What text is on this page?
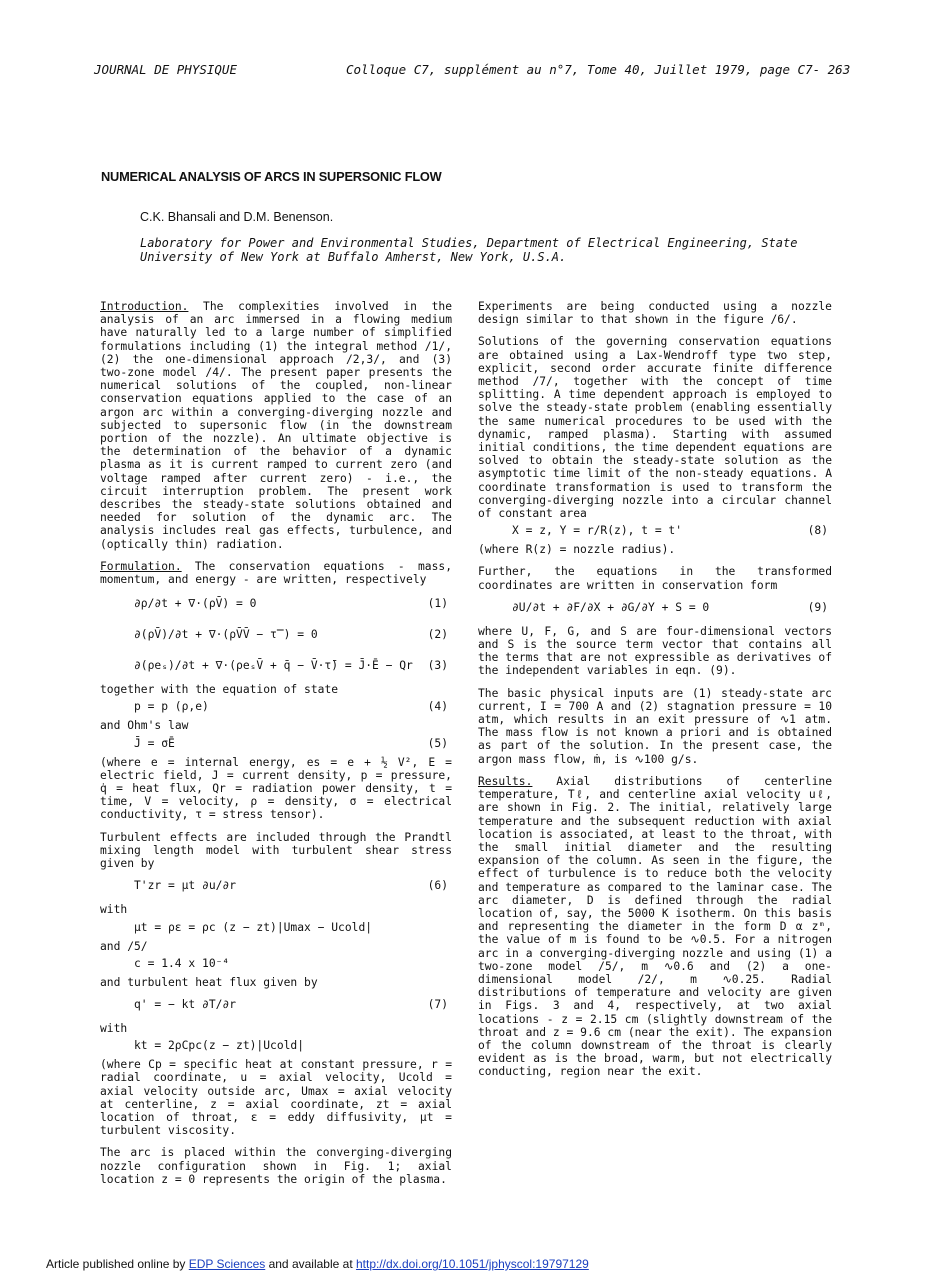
JOURNAL DE PHYSIQUE	Colloque C7, supplément au n°7, Tome 40, Juillet 1979, page C7- 263
NUMERICAL ANALYSIS OF ARCS IN SUPERSONIC FLOW
C.K. Bhansali and D.M. Benenson.
Laboratory for Power and Environmental Studies, Department of Electrical Engineering, State University of New York at Buffalo Amherst, New York, U.S.A.

Introduction. The complexities involved in the analysis of an arc immersed in a flowing medium have naturally led to a large number of simplified formulations including (1) the integral method /1/, (2) the one-dimensional approach /2,3/, and (3) two-zone model /4/. The present paper presents the numerical solutions of the coupled, non-linear conservation equations applied to the case of an argon arc within a converging-diverging nozzle and subjected to supersonic flow (in the downstream portion of the nozzle). An ultimate objective is the determination of the behavior of a dynamic plasma as it is current ramped to current zero (and voltage ramped after current zero) - i.e., the circuit interruption problem. The present work describes the steady-state solutions obtained and needed for solution of the dynamic arc. The analysis includes real gas effects, turbulence, and (optically thin) radiation.

Formulation. The conservation equations - mass, momentum, and energy - are written, respectively

∂ρ/∂t + ∇·(ρV̄) = 0	(1)
∂(ρV̄)/∂t + ∇·(ρV̄V̄ − τ̿) = 0	(2)
∂(ρeₛ)/∂t + ∇·(ρeₛV̄ + q̄ − V̄·τ̄) = J̄·Ē − Qr (3)

together with the equation of state

p = p (ρ,e)	(4)

and Ohm's law

J̄ = σĒ	(5)

(where e = internal energy, es = e + ½ V², E = electric field, J = current density, p = pressure, q̇ = heat flux, Qr = radiation power density, t = time, V = velocity, ρ = density, σ = electrical conductivity, τ = stress tensor).

Turbulent effects are included through the Prandtl mixing length model with turbulent shear stress given by

T'zr = μt ∂u/∂r	(6)

with

μt = ρε = ρc (z − zt)|Umax − Ucold|

and /5/

c = 1.4 x 10⁻⁴

and turbulent heat flux given by

q' = − kt ∂T/∂r	(7)

with

kt = 2ρCpc(z − zt)|Ucold|

(where Cp = specific heat at constant pressure, r = radial coordinate, u = axial velocity, Ucold = axial velocity outside arc, Umax = axial velocity at centerline, z = axial coordinate, zt = axial location of throat, ε = eddy diffusivity, μt = turbulent viscosity.

The arc is placed within the converging-diverging nozzle configuration shown in Fig. 1; axial location z = 0 represents the origin of the plasma.

Experiments are being conducted using a nozzle design similar to that shown in the figure /6/.

Solutions of the governing conservation equations are obtained using a Lax-Wendroff type two step, explicit, second order accurate finite difference method /7/, together with the concept of time splitting. A time dependent approach is employed to solve the steady-state problem (enabling essentially the same numerical procedures to be used with the dynamic, ramped plasma). Starting with assumed initial conditions, the time dependent equations are solved to obtain the steady-state solution as the asymptotic time limit of the non-steady equations. A coordinate transformation is used to transform the converging-diverging nozzle into a circular channel of constant area

X = z, Y = r/R(z), t = t'	(8)

(where R(z) = nozzle radius).

Further, the equations in the transformed coordinates are written in conservation form

∂U/∂t + ∂F/∂X + ∂G/∂Y + S = 0	(9)

where U, F, G, and S are four-dimensional vectors and S is the source term vector that contains all the terms that are not expressible as derivatives of the independent variables in eqn. (9).

The basic physical inputs are (1) steady-state arc current, I = 700 A and (2) stagnation pressure = 10 atm, which results in an exit pressure of ∿1 atm. The mass flow is not known a priori and is obtained as part of the solution. In the present case, the argon mass flow, ṁ, is ∿100 g/s.

Results. Axial distributions of centerline temperature, Tℓ, and centerline axial velocity uℓ, are shown in Fig. 2. The initial, relatively large temperature and the subsequent reduction with axial location is associated, at least to the throat, with the small initial diameter and the resulting expansion of the column. As seen in the figure, the effect of turbulence is to reduce both the velocity and temperature as compared to the laminar case. The arc diameter, D is defined through the radial location of, say, the 5000 K isotherm. On this basis and representing the diameter in the form D α zᵐ, the value of m is found to be ∿0.5. For a nitrogen arc in a converging-diverging nozzle and using (1) a two-zone model /5/, m ∿0.6 and (2) a one-dimensional model /2/, m ∿0.25. Radial distributions of temperature and velocity are given in Figs. 3 and 4, respectively, at two axial locations - z = 2.15 cm (slightly downstream of the throat and z = 9.6 cm (near the exit). The expansion of the column downstream of the throat is clearly evident as is the broad, warm, but not electrically conducting, region near the exit.

Article published online by EDP Sciences and available at http://dx.doi.org/10.1051/jphyscol:19797129
